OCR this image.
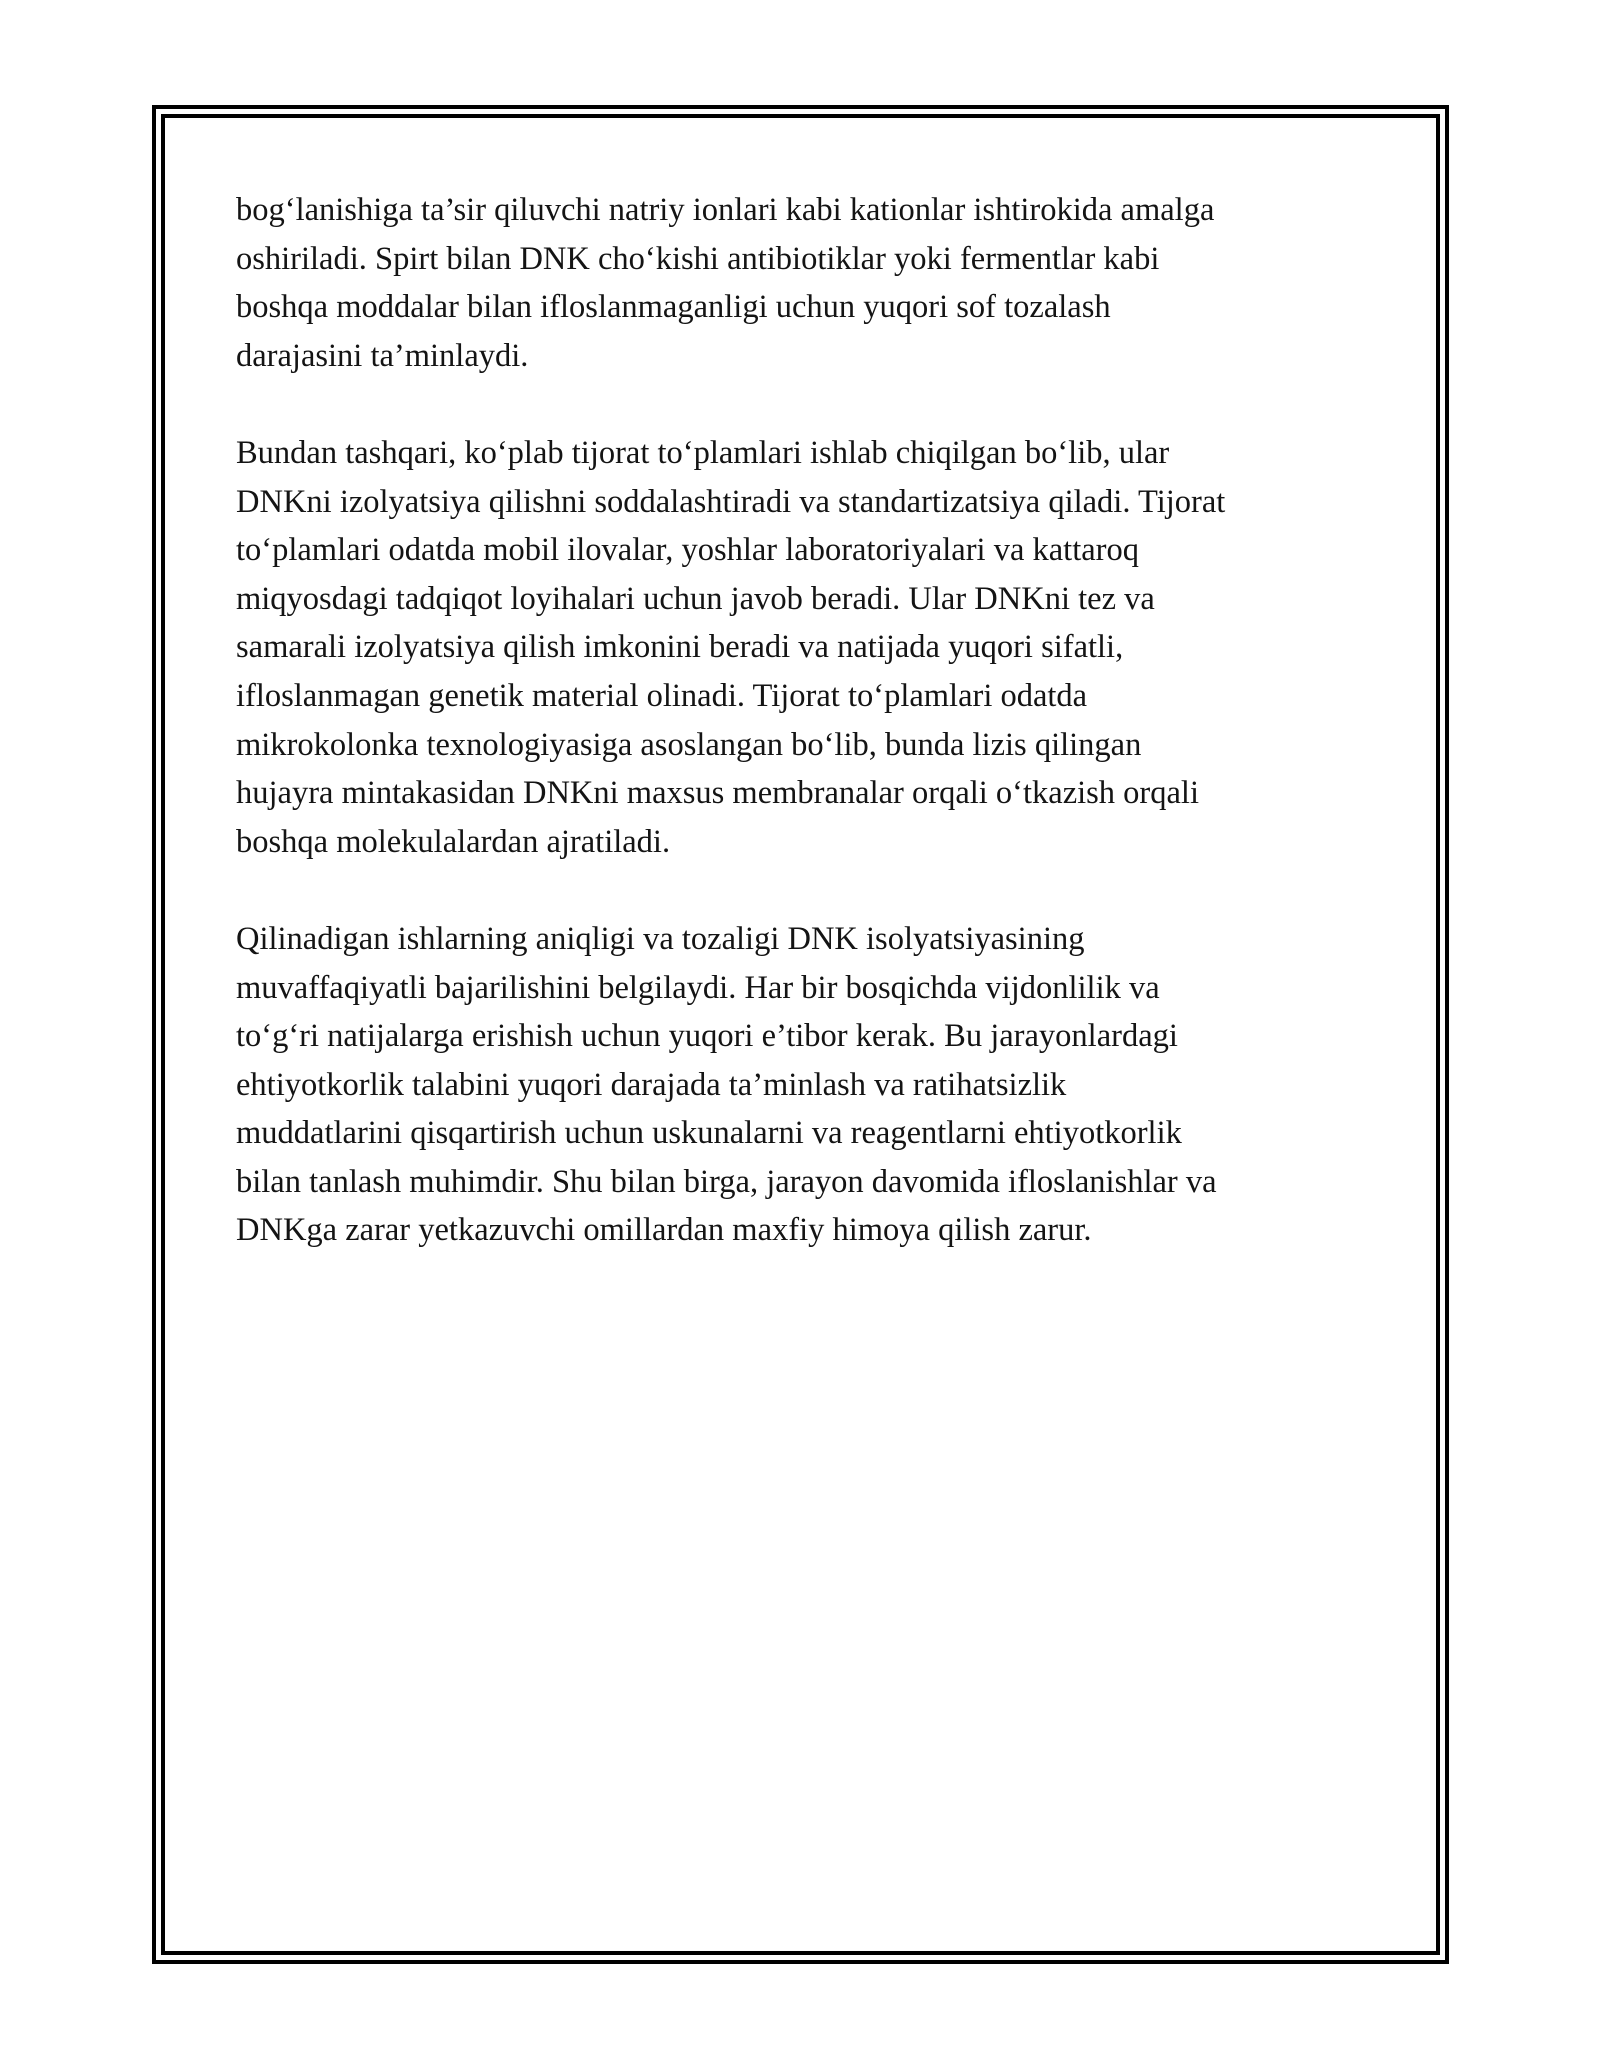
bog‘lanishiga ta’sir qiluvchi natriy ionlari kabi kationlar ishtirokida amalga
oshiriladi. Spirt bilan DNK cho‘kishi antibiotiklar yoki fermentlar kabi
boshqa moddalar bilan ifloslanmaganligi uchun yuqori sof tozalash
darajasini ta’minlaydi.

Bundan tashqari, ko‘plab tijorat to‘plamlari ishlab chiqilgan bo‘lib, ular
DNKni izolyatsiya qilishni soddalashtiradi va standartizatsiya qiladi. Tijorat
to‘plamlari odatda mobil ilovalar, yoshlar laboratoriyalari va kattaroq
miqyosdagi tadqiqot loyihalari uchun javob beradi. Ular DNKni tez va
samarali izolyatsiya qilish imkonini beradi va natijada yuqori sifatli,
ifloslanmagan genetik material olinadi. Tijorat to‘plamlari odatda
mikrokolonka texnologiyasiga asoslangan bo‘lib, bunda lizis qilingan
hujayra mintakasidan DNKni maxsus membranalar orqali o‘tkazish orqali
boshqa molekulalardan ajratiladi.

Qilinadigan ishlarning aniqligi va tozaligi DNK isolyatsiyasining
muvaffaqiyatli bajarilishini belgilaydi. Har bir bosqichda vijdonlilik va
to‘g‘ri natijalarga erishish uchun yuqori e’tibor kerak. Bu jarayonlardagi
ehtiyotkorlik talabini yuqori darajada ta’minlash va ratihatsizlik
muddatlarini qisqartirish uchun uskunalarni va reagentlarni ehtiyotkorlik
bilan tanlash muhimdir. Shu bilan birga, jarayon davomida ifloslanishlar va
DNKga zarar yetkazuvchi omillardan maxfiy himoya qilish zarur.
